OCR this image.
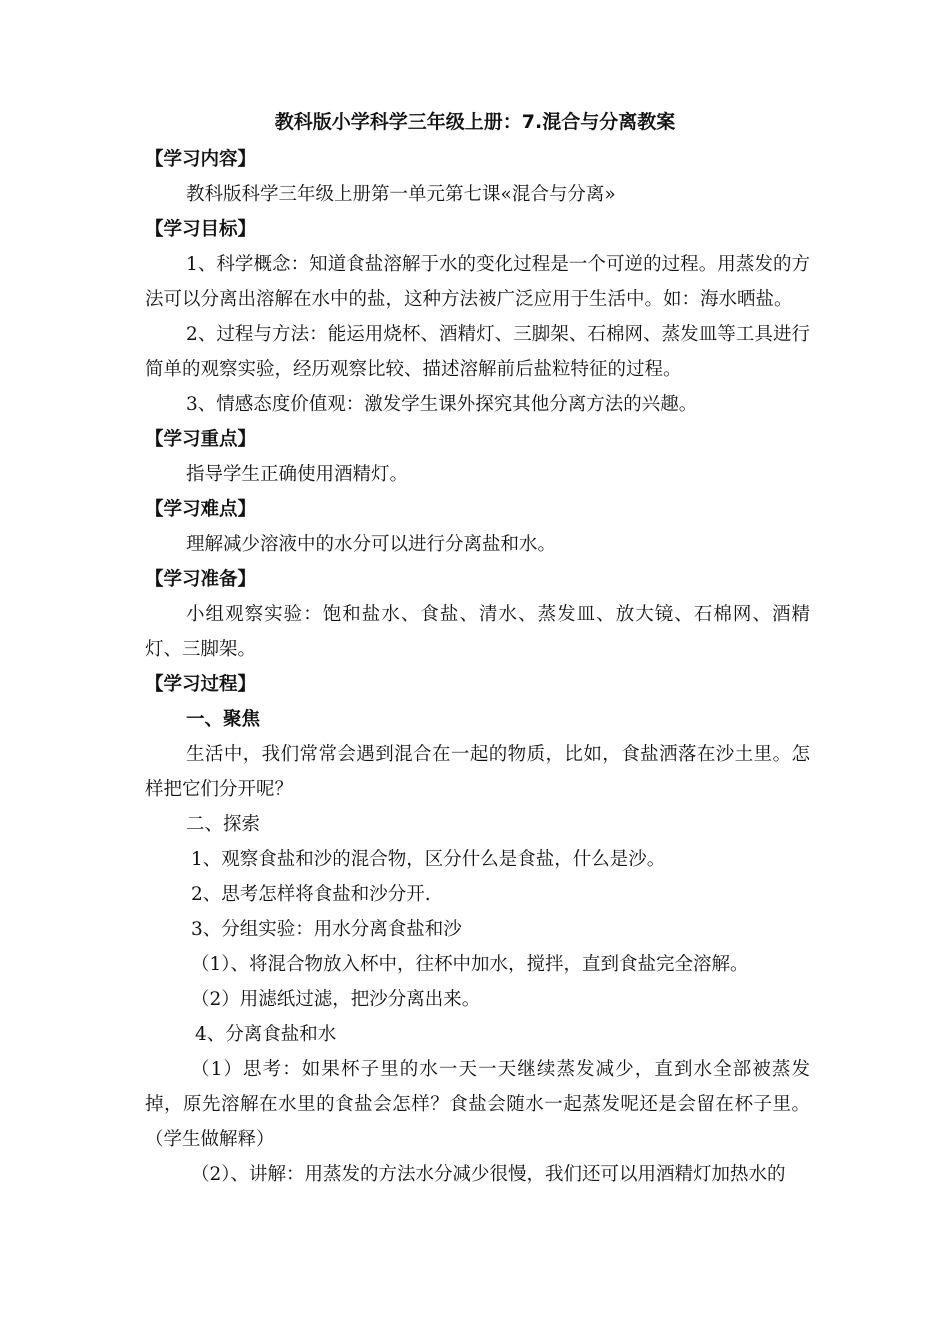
教科版小学科学三年级上册：7.混合与分离教案

【学习内容】

教科版科学三年级上册第一单元第七课«混合与分离»

【学习目标】

1、科学概念：知道食盐溶解于水的变化过程是一个可逆的过程。用蒸发的方法可以分离出溶解在水中的盐，这种方法被广泛应用于生活中。如：海水晒盐。

2、过程与方法：能运用烧杯、酒精灯、三脚架、石棉网、蒸发皿等工具进行简单的观察实验，经历观察比较、描述溶解前后盐粒特征的过程。

3、情感态度价值观：激发学生课外探究其他分离方法的兴趣。

【学习重点】

指导学生正确使用酒精灯。

【学习难点】

理解减少溶液中的水分可以进行分离盐和水。

【学习准备】

小组观察实验：饱和盐水、食盐、清水、蒸发皿、放大镜、石棉网、酒精灯、三脚架。

【学习过程】

一、聚焦

生活中，我们常常会遇到混合在一起的物质，比如，食盐洒落在沙土里。怎样把它们分开呢？

二、探索

1、观察食盐和沙的混合物，区分什么是食盐，什么是沙。

2、思考怎样将食盐和沙分开.

3、分组实验：用水分离食盐和沙

（1）、将混合物放入杯中，往杯中加水，搅拌，直到食盐完全溶解。

（2）用滤纸过滤，把沙分离出来。

4、分离食盐和水

（1）思考：如果杯子里的水一天一天继续蒸发减少，直到水全部被蒸发掉，原先溶解在水里的食盐会怎样？食盐会随水一起蒸发呢还是会留在杯子里。（学生做解释）

（2）、讲解：用蒸发的方法水分减少很慢，我们还可以用酒精灯加热水的
